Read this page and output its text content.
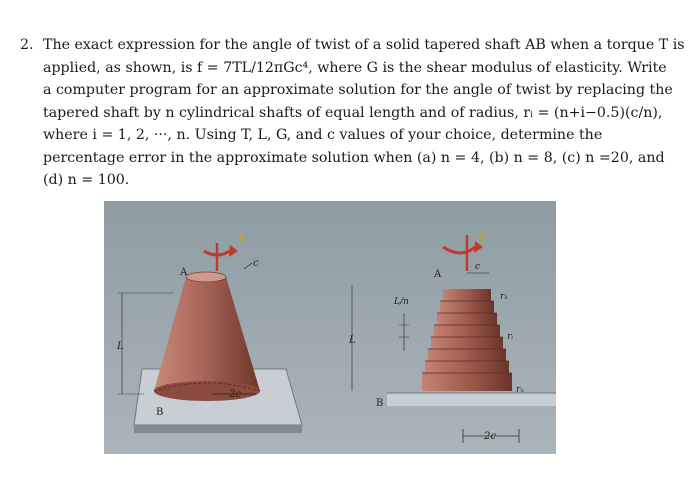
2. The exact expression for the angle of twist of a solid tapered shaft AB when a torque T is
applied, as shown, is f = 7TL/12πGc⁴, where G is the shear modulus of elasticity. Write
a computer program for an approximate solution for the angle of twist by replacing the
tapered shaft by n cylindrical shafts of equal length and of radius, rᵢ = (n+i−0.5)(c/n),
where i = 1, 2, ···, n. Using T, L, G, and c values of your choice, determine the
percentage error in the approximate solution when (a) n = 4, (b) n = 8, (c) n =20, and
(d) n = 100.
2c
L
A
B
c
T
L
L/n
A
B
c
r₁
rᵢ
rₙ
2c
T
